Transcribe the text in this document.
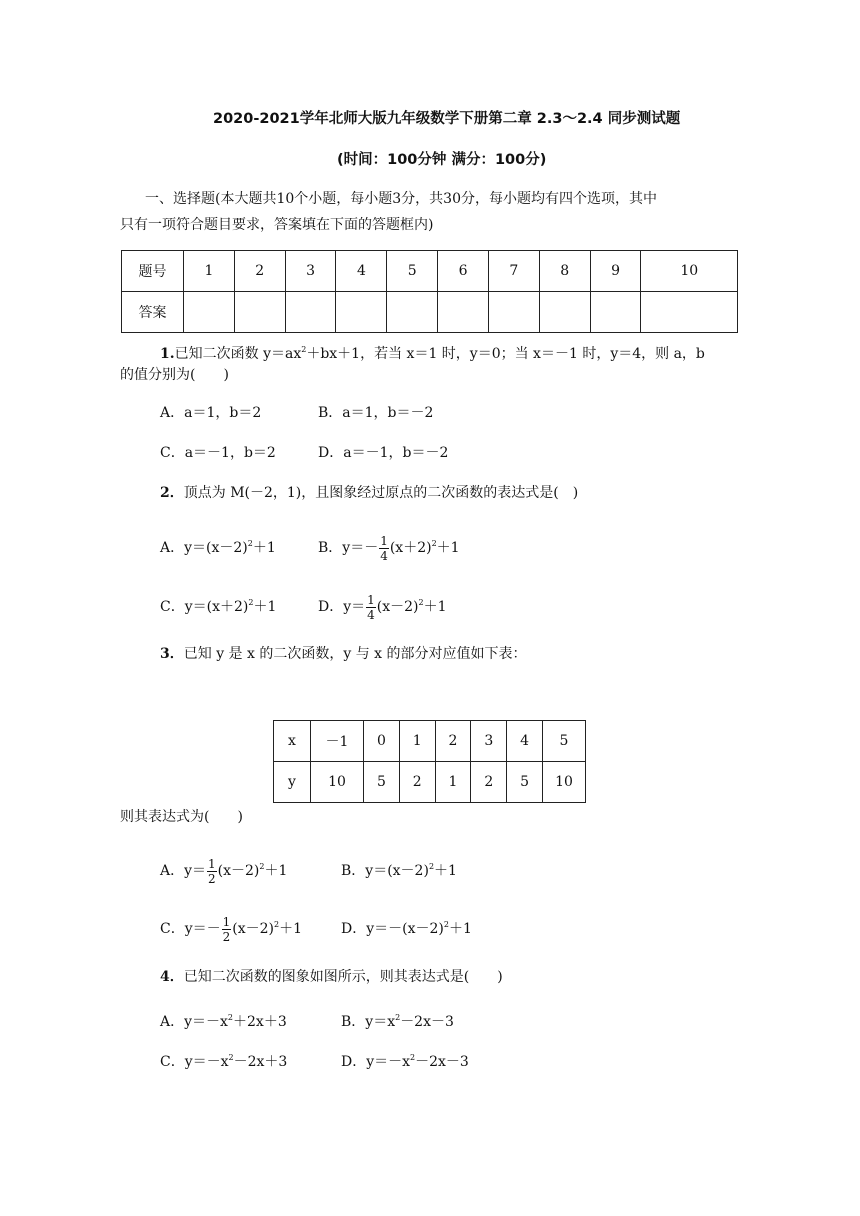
2020-2021学年北师大版九年级数学下册第二章 2.3～2.4 同步测试题
(时间：100分钟 满分：100分)
一、选择题(本大题共10个小题，每小题3分，共30分，每小题均有四个选项，其中
只有一项符合题目要求，答案填在下面的答题框内)
题号	1	2	3	4	5	6	7	8	9	10
答案										
1.已知二次函数 $y=ax^2+bx+1$，若当 x＝1 时，y＝0；当 x＝－1 时，y＝4，则 a，b
的值分别为(　　)
A．a＝1，b＝2	B．a＝1，b＝－2
C．a＝－1，b＝2	D．a＝－1，b＝－2
2．顶点为 M(－2，1)，且图象经过原点的二次函数的表达式是(　)
A．$y=(x-2)^2+1$	B．$y=- \frac{1}{4} (x+2)^2+1$
C．$y=(x+2)^2+1$	D．$y= \frac{1}{4} (x-2)^2+1$
3．已知 y 是 x 的二次函数，y 与 x 的部分对应值如下表：
x	－1	0	1	2	3	4	5
y	10	5	2	1	2	5	10
则其表达式为(　　)
A．$y= \frac{1}{2} (x-2)^2+1$	B．$y=(x-2)^2+1$
C．$y=- \frac{1}{2} (x-2)^2+1$	D．$y=-(x-2)^2+1$
4．已知二次函数的图象如图所示，则其表达式是(　　)
A．$y=-x^2+2x+3$	B．$y=x^2-2x-3$
C．$y=-x^2-2x+3$	D．$y=-x^2-2x-3$
